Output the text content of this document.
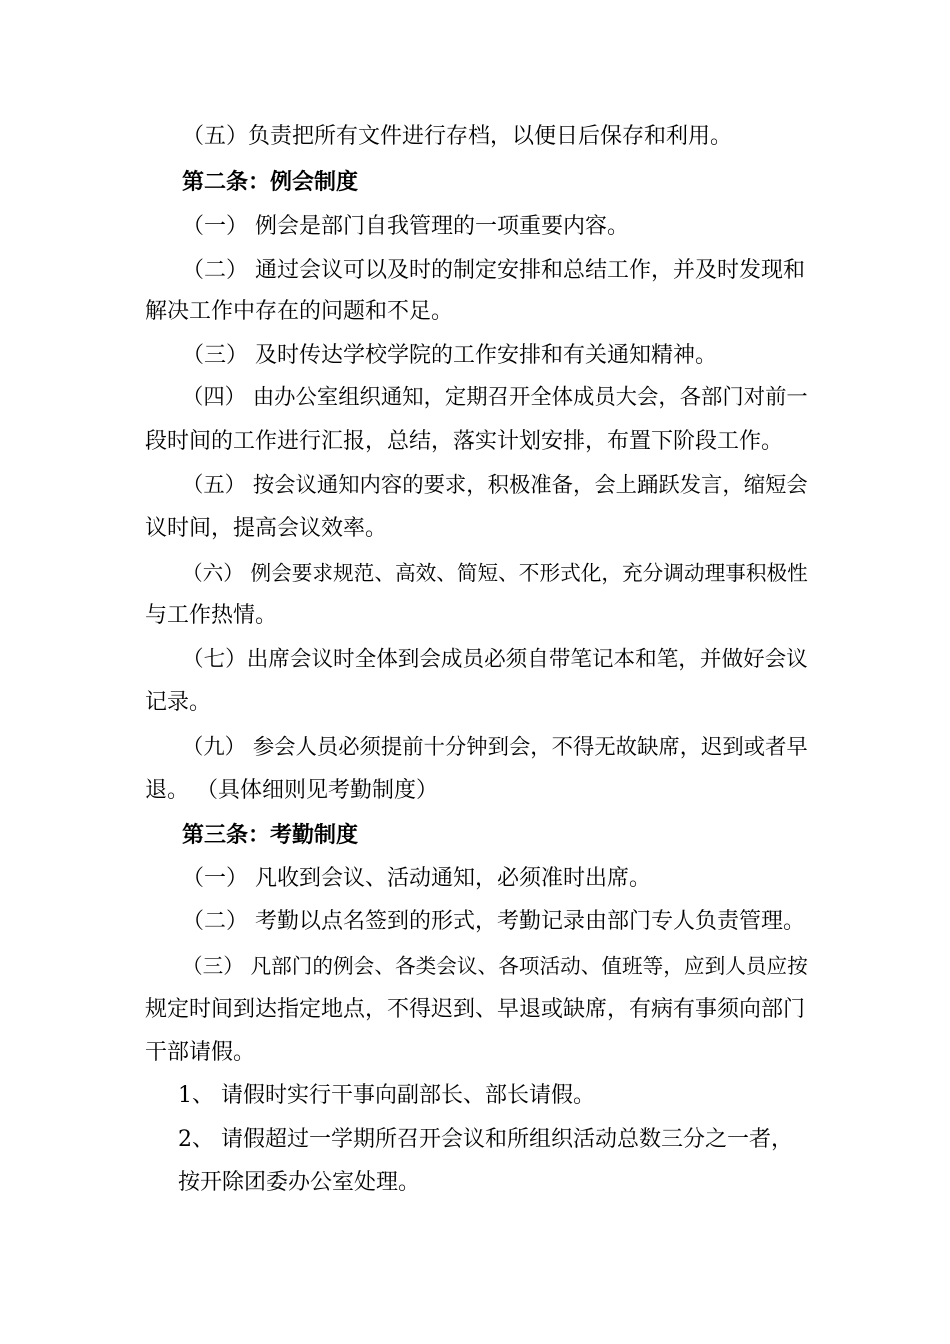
（五）负责把所有文件进行存档，以便日后保存和利用。
第二条：例会制度
（一） 例会是部门自我管理的一项重要内容。
（二） 通过会议可以及时的制定安排和总结工作，并及时发现和
解决工作中存在的问题和不足。
（三） 及时传达学校学院的工作安排和有关通知精神。
（四） 由办公室组织通知，定期召开全体成员大会，各部门对前一
段时间的工作进行汇报，总结，落实计划安排，布置下阶段工作。
（五） 按会议通知内容的要求，积极准备，会上踊跃发言，缩短会
议时间，提高会议效率。
（六） 例会要求规范、高效、简短、不形式化，充分调动理事积极性
与工作热情。
（七）出席会议时全体到会成员必须自带笔记本和笔，并做好会议
记录。
（九） 参会人员必须提前十分钟到会，不得无故缺席，迟到或者早
退。 （具体细则见考勤制度）
第三条：考勤制度
（一） 凡收到会议、活动通知，必须准时出席。
（二） 考勤以点名签到的形式，考勤记录由部门专人负责管理。
（三） 凡部门的例会、各类会议、各项活动、值班等，应到人员应按
规定时间到达指定地点，不得迟到、早退或缺席，有病有事须向部门
干部请假。
1、 请假时实行干事向副部长、部长请假。
2、 请假超过一学期所召开会议和所组织活动总数三分之一者，
按开除团委办公室处理。
